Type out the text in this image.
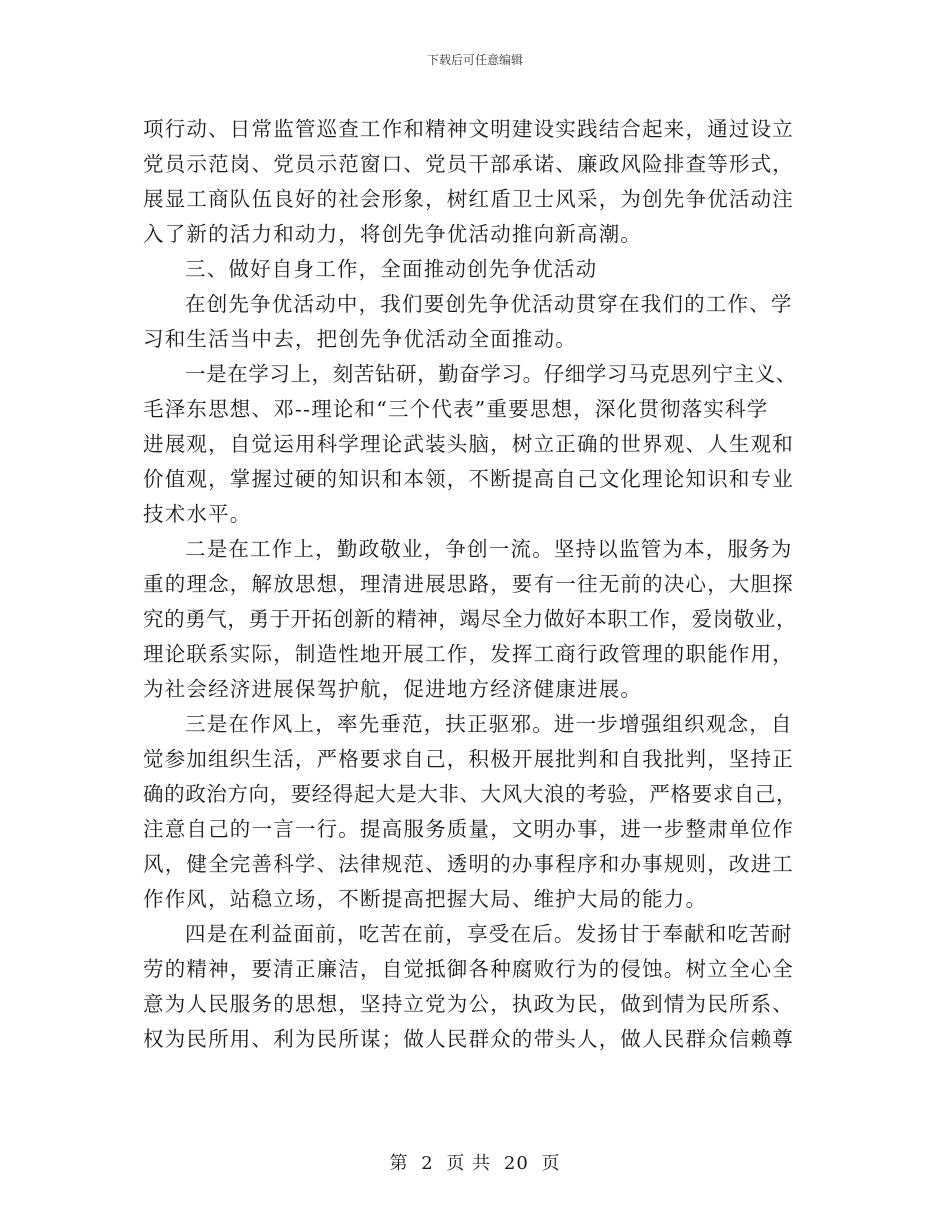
下载后可任意编辑
项行动、日常监管巡查工作和精神文明建设实践结合起来，通过设立
党员示范岗、党员示范窗口、党员干部承诺、廉政风险排查等形式，
展显工商队伍良好的社会形象，树红盾卫士风采，为创先争优活动注
入了新的活力和动力，将创先争优活动推向新高潮。
三、做好自身工作，全面推动创先争优活动
在创先争优活动中，我们要创先争优活动贯穿在我们的工作、学
习和生活当中去，把创先争优活动全面推动。
一是在学习上，刻苦钻研，勤奋学习。仔细学习马克思列宁主义、
毛泽东思想、邓--理论和“三个代表”重要思想，深化贯彻落实科学
进展观，自觉运用科学理论武装头脑，树立正确的世界观、人生观和
价值观，掌握过硬的知识和本领，不断提高自己文化理论知识和专业
技术水平。
二是在工作上，勤政敬业，争创一流。坚持以监管为本，服务为
重的理念，解放思想，理清进展思路，要有一往无前的决心，大胆探
究的勇气，勇于开拓创新的精神，竭尽全力做好本职工作，爱岗敬业，
理论联系实际，制造性地开展工作，发挥工商行政管理的职能作用，
为社会经济进展保驾护航，促进地方经济健康进展。
三是在作风上，率先垂范，扶正驱邪。进一步增强组织观念，自
觉参加组织生活，严格要求自己，积极开展批判和自我批判，坚持正
确的政治方向，要经得起大是大非、大风大浪的考验，严格要求自己，
注意自己的一言一行。提高服务质量，文明办事，进一步整肃单位作
风，健全完善科学、法律规范、透明的办事程序和办事规则，改进工
作作风，站稳立场，不断提高把握大局、维护大局的能力。
四是在利益面前，吃苦在前，享受在后。发扬甘于奉献和吃苦耐
劳的精神，要清正廉洁，自觉抵御各种腐败行为的侵蚀。树立全心全
意为人民服务的思想，坚持立党为公，执政为民，做到情为民所系、
权为民所用、利为民所谋；做人民群众的带头人，做人民群众信赖尊
第 2 页 共 20 页
